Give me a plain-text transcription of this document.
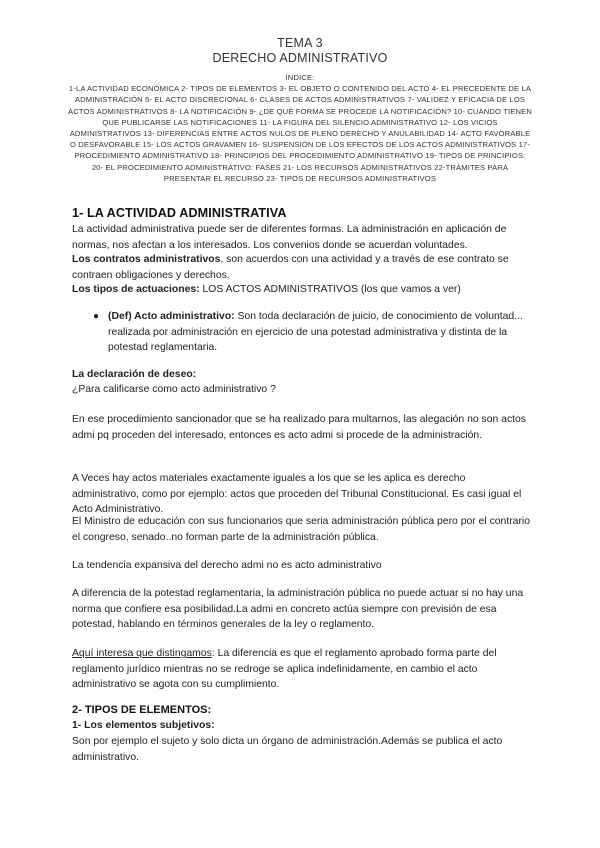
TEMA 3
DERECHO ADMINISTRATIVO
ÍNDICE:
1-LA ACTIVIDAD ECONÓMICA 2- TIPOS DE ELEMENTOS 3- EL OBJETO O CONTENIDO DEL ACTO 4- EL PRECEDENTE DE LA ADMINISTRACIÓN 5- EL ACTO DISCRECIONAL 6- CLASES DE ACTOS ADMINISTRATIVOS 7- VALIDEZ Y EFICACIA DE LOS ACTOS ADMINISTRATIVOS 8- LA NOTIFICACIÓN 9- ¿DE QUÉ FORMA SE PROCEDE LA NOTIFICACIÓN? 10- CUANDO TIENEN QUE PUBLICARSE LAS NOTIFICACIONES 11- LA FIGURA DEL SILENCIO ADMINISTRATIVO 12- LOS VICIOS ADMINISTRATIVOS 13- DIFERENCIAS ENTRE ACTOS NULOS DE PLENO DERECHO Y ANULABILIDAD 14- ACTO FAVORABLE O DESFAVORABLE 15- LOS ACTOS GRAVAMEN 16- SUSPENSIÓN DE LOS EFECTOS DE LOS ACTOS ADMINISTRATIVOS 17- PROCEDIMIENTO ADMINISTRATIVO 18- PRINCIPIOS DEL PROCEDIMIENTO ADMINISTRATIVO 19- TIPOS DE PRINCIPIOS: 20- EL PROCEDIMIENTO ADMINISTRATIVO: FASES 21- LOS RECURSOS ADMINISTRATIVOS 22-TRÁMITES PARA PRESENTAR EL RECURSO 23- TIPOS DE RECURSOS ADMINISTRATIVOS
1- LA ACTIVIDAD ADMINISTRATIVA
La actividad administrativa puede ser de diferentes formas. La administración en aplicación de normas, nos afectan a los interesados. Los convenios donde se acuerdan voluntades.
Los contratos administrativos, son acuerdos con una actividad y a través de ese contrato se contraen obligaciones y derechos.
Los tipos de actuaciones: LOS ACTOS ADMINISTRATIVOS (los que vamos a ver)
● (Def) Acto administrativo: Son toda declaración de juicio, de conocimiento de voluntad... realizada por administración en ejercicio de una potestad administrativa y distinta de la potestad reglamentaria.
La declaración de deseo:
¿Para calificarse como acto administrativo ?
En ese procedimiento sancionador que se ha realizado para multarnos, las alegación no son actos admi pq proceden del interesado, entonces es acto admi si procede de la administración.
A Veces hay actos materiales exactamente iguales a los que se les aplica es derecho administrativo, como por ejemplo: actos que proceden del Tribunal Constitucional. Es casi igual el Acto Administrativo.
El Ministro de educación con sus funcionarios que seria administración pública pero por el contrario el congreso, senado..no forman parte de la administración pública.
La tendencia expansiva del derecho admi no es acto administrativo
A diferencia de la potestad reglamentaria, la administración pública no puede actuar si no hay una norma que confiere esa posibilidad.La admi en concreto actúa siempre con previsión de esa potestad, hablando en términos generales de la ley o reglamento.
Aquí interesa que distingamos: La diferencia es que el reglamento aprobado forma parte del reglamento jurídico mientras no se redroge se aplica indefinidamente, en cambio el acto administrativo se agota con su cumplimiento.
2- TIPOS DE ELEMENTOS:
1- Los elementos subjetivos:
Son por ejemplo el sujeto y solo dicta un órgano de administración.Además se publica el acto administrativo.
